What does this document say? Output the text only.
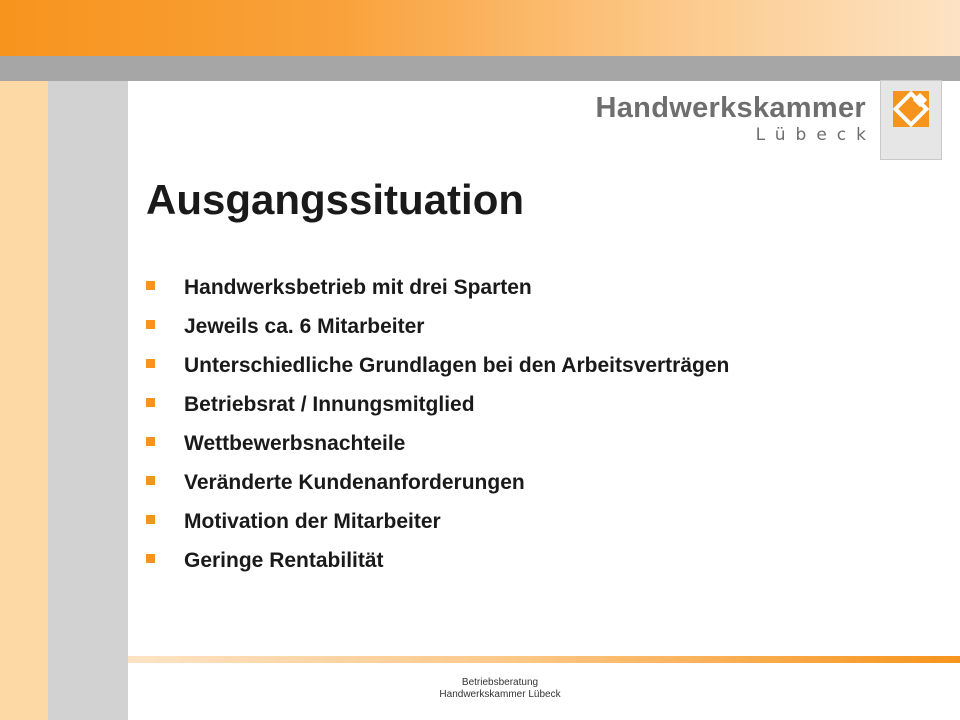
Handwerkskammer
Lübeck
Ausgangssituation
Handwerksbetrieb mit drei Sparten
Jeweils ca. 6 Mitarbeiter
Unterschiedliche Grundlagen bei den Arbeitsverträgen
Betriebsrat / Innungsmitglied
Wettbewerbsnachteile
Veränderte Kundenanforderungen
Motivation der Mitarbeiter
Geringe Rentabilität
Betriebsberatung
Handwerkskammer Lübeck
